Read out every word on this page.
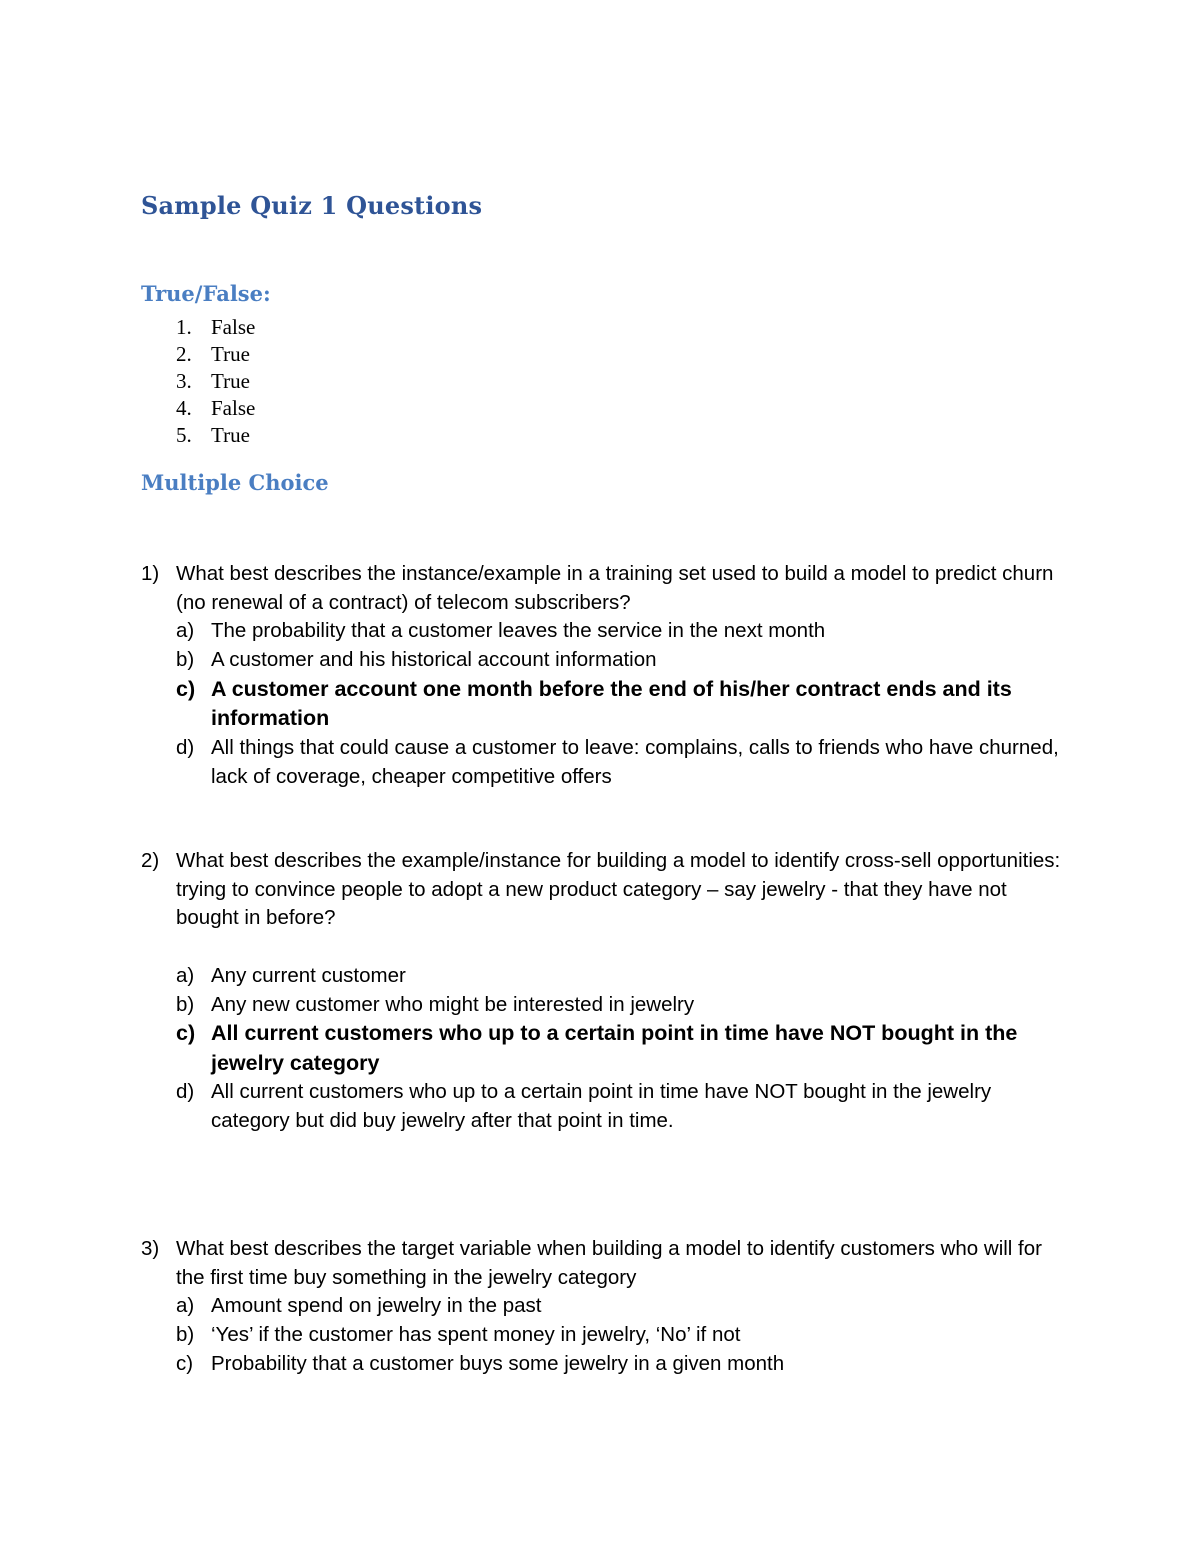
Sample Quiz 1 Questions
True/False:
1. False
2. True
3. True
4. False
5. True
Multiple Choice
1) What best describes the instance/example in a training set used to build a model to predict churn (no renewal of a contract) of telecom subscribers?
a) The probability that a customer leaves the service in the next month
b) A customer and his historical account information
c) A customer account one month before the end of his/her contract ends and its information
d) All things that could cause a customer to leave: complains, calls to friends who have churned, lack of coverage, cheaper competitive offers
2) What best describes the example/instance for building a model to identify cross-sell opportunities: trying to convince people to adopt a new product category – say jewelry - that they have not bought in before?
a) Any current customer
b) Any new customer who might be interested in jewelry
c) All current customers who up to a certain point in time have NOT bought in the jewelry category
d) All current customers who up to a certain point in time have NOT bought in the jewelry category but did buy jewelry after that point in time.
3) What best describes the target variable when building a model to identify customers who will for the first time buy something in the jewelry category
a) Amount spend on jewelry in the past
b) ‘Yes’ if the customer has spent money in jewelry, ‘No’ if not
c) Probability that a customer buys some jewelry in a given month
